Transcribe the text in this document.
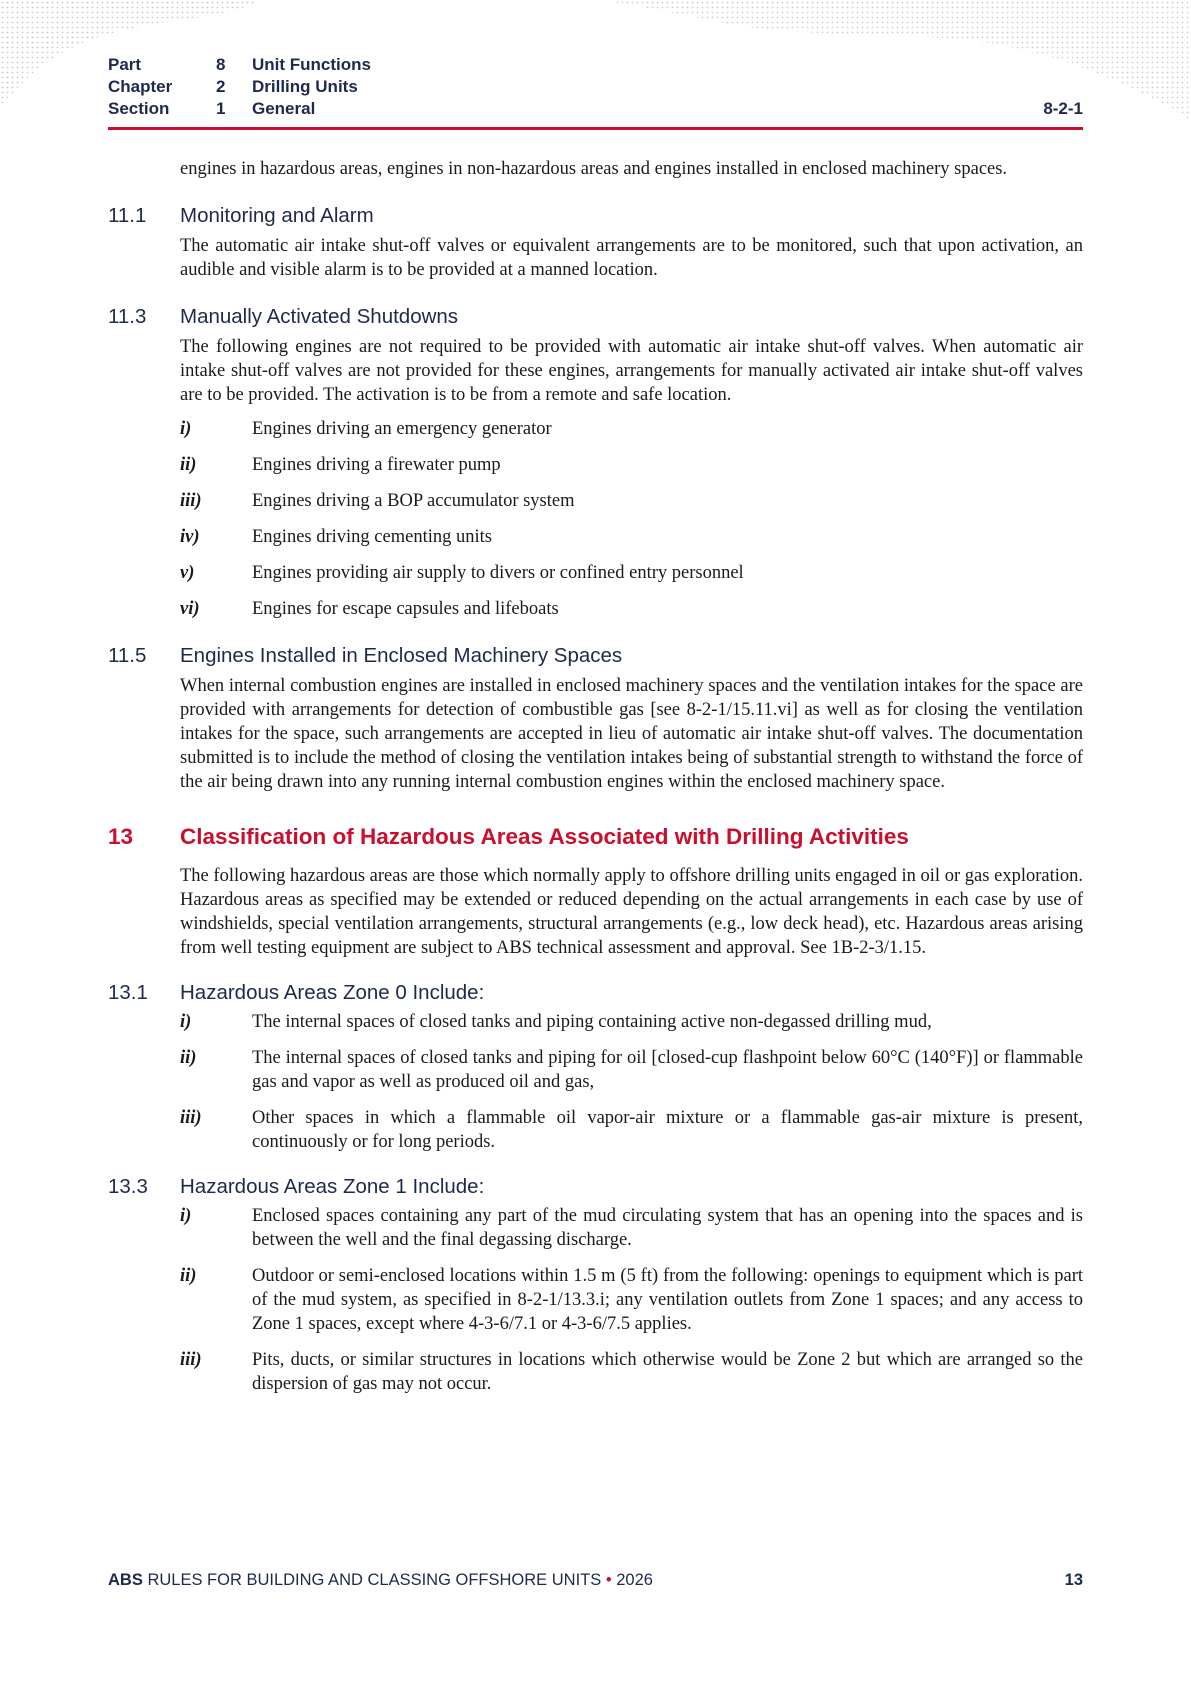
Part	8	Unit Functions
Chapter	2	Drilling Units
Section	1	General	8-2-1

engines in hazardous areas, engines in non-hazardous areas and engines installed in enclosed machinery spaces.

11.1	Monitoring and Alarm

The automatic air intake shut-off valves or equivalent arrangements are to be monitored, such that upon activation, an audible and visible alarm is to be provided at a manned location.

11.3	Manually Activated Shutdowns

The following engines are not required to be provided with automatic air intake shut-off valves. When automatic air intake shut-off valves are not provided for these engines, arrangements for manually activated air intake shut-off valves are to be provided. The activation is to be from a remote and safe location.

i)	Engines driving an emergency generator
ii)	Engines driving a firewater pump
iii)	Engines driving a BOP accumulator system
iv)	Engines driving cementing units
v)	Engines providing air supply to divers or confined entry personnel
vi)	Engines for escape capsules and lifeboats
11.5	Engines Installed in Enclosed Machinery Spaces

When internal combustion engines are installed in enclosed machinery spaces and the ventilation intakes for the space are provided with arrangements for detection of combustible gas [see 8-2-1/15.11.vi] as well as for closing the ventilation intakes for the space, such arrangements are accepted in lieu of automatic air intake shut-off valves. The documentation submitted is to include the method of closing the ventilation intakes being of substantial strength to withstand the force of the air being drawn into any running internal combustion engines within the enclosed machinery space.

13	Classification of Hazardous Areas Associated with Drilling Activities

The following hazardous areas are those which normally apply to offshore drilling units engaged in oil or gas exploration. Hazardous areas as specified may be extended or reduced depending on the actual arrangements in each case by use of windshields, special ventilation arrangements, structural arrangements (e.g., low deck head), etc. Hazardous areas arising from well testing equipment are subject to ABS technical assessment and approval. See 1B-2-3/1.15.

13.1	Hazardous Areas Zone 0 Include:
i)	The internal spaces of closed tanks and piping containing active non-degassed drilling mud,
ii)	The internal spaces of closed tanks and piping for oil [closed-cup flashpoint below 60°C (140°F)] or flammable gas and vapor as well as produced oil and gas,
iii)	Other spaces in which a flammable oil vapor-air mixture or a flammable gas-air mixture is present, continuously or for long periods.
13.3	Hazardous Areas Zone 1 Include:
i)	Enclosed spaces containing any part of the mud circulating system that has an opening into the spaces and is between the well and the final degassing discharge.
ii)	Outdoor or semi-enclosed locations within 1.5 m (5 ft) from the following: openings to equipment which is part of the mud system, as specified in 8-2-1/13.3.i; any ventilation outlets from Zone 1 spaces; and any access to Zone 1 spaces, except where 4-3-6/7.1 or 4-3-6/7.5 applies.
iii)	Pits, ducts, or similar structures in locations which otherwise would be Zone 2 but which are arranged so the dispersion of gas may not occur.
ABS RULES FOR BUILDING AND CLASSING OFFSHORE UNITS • 2026	13
